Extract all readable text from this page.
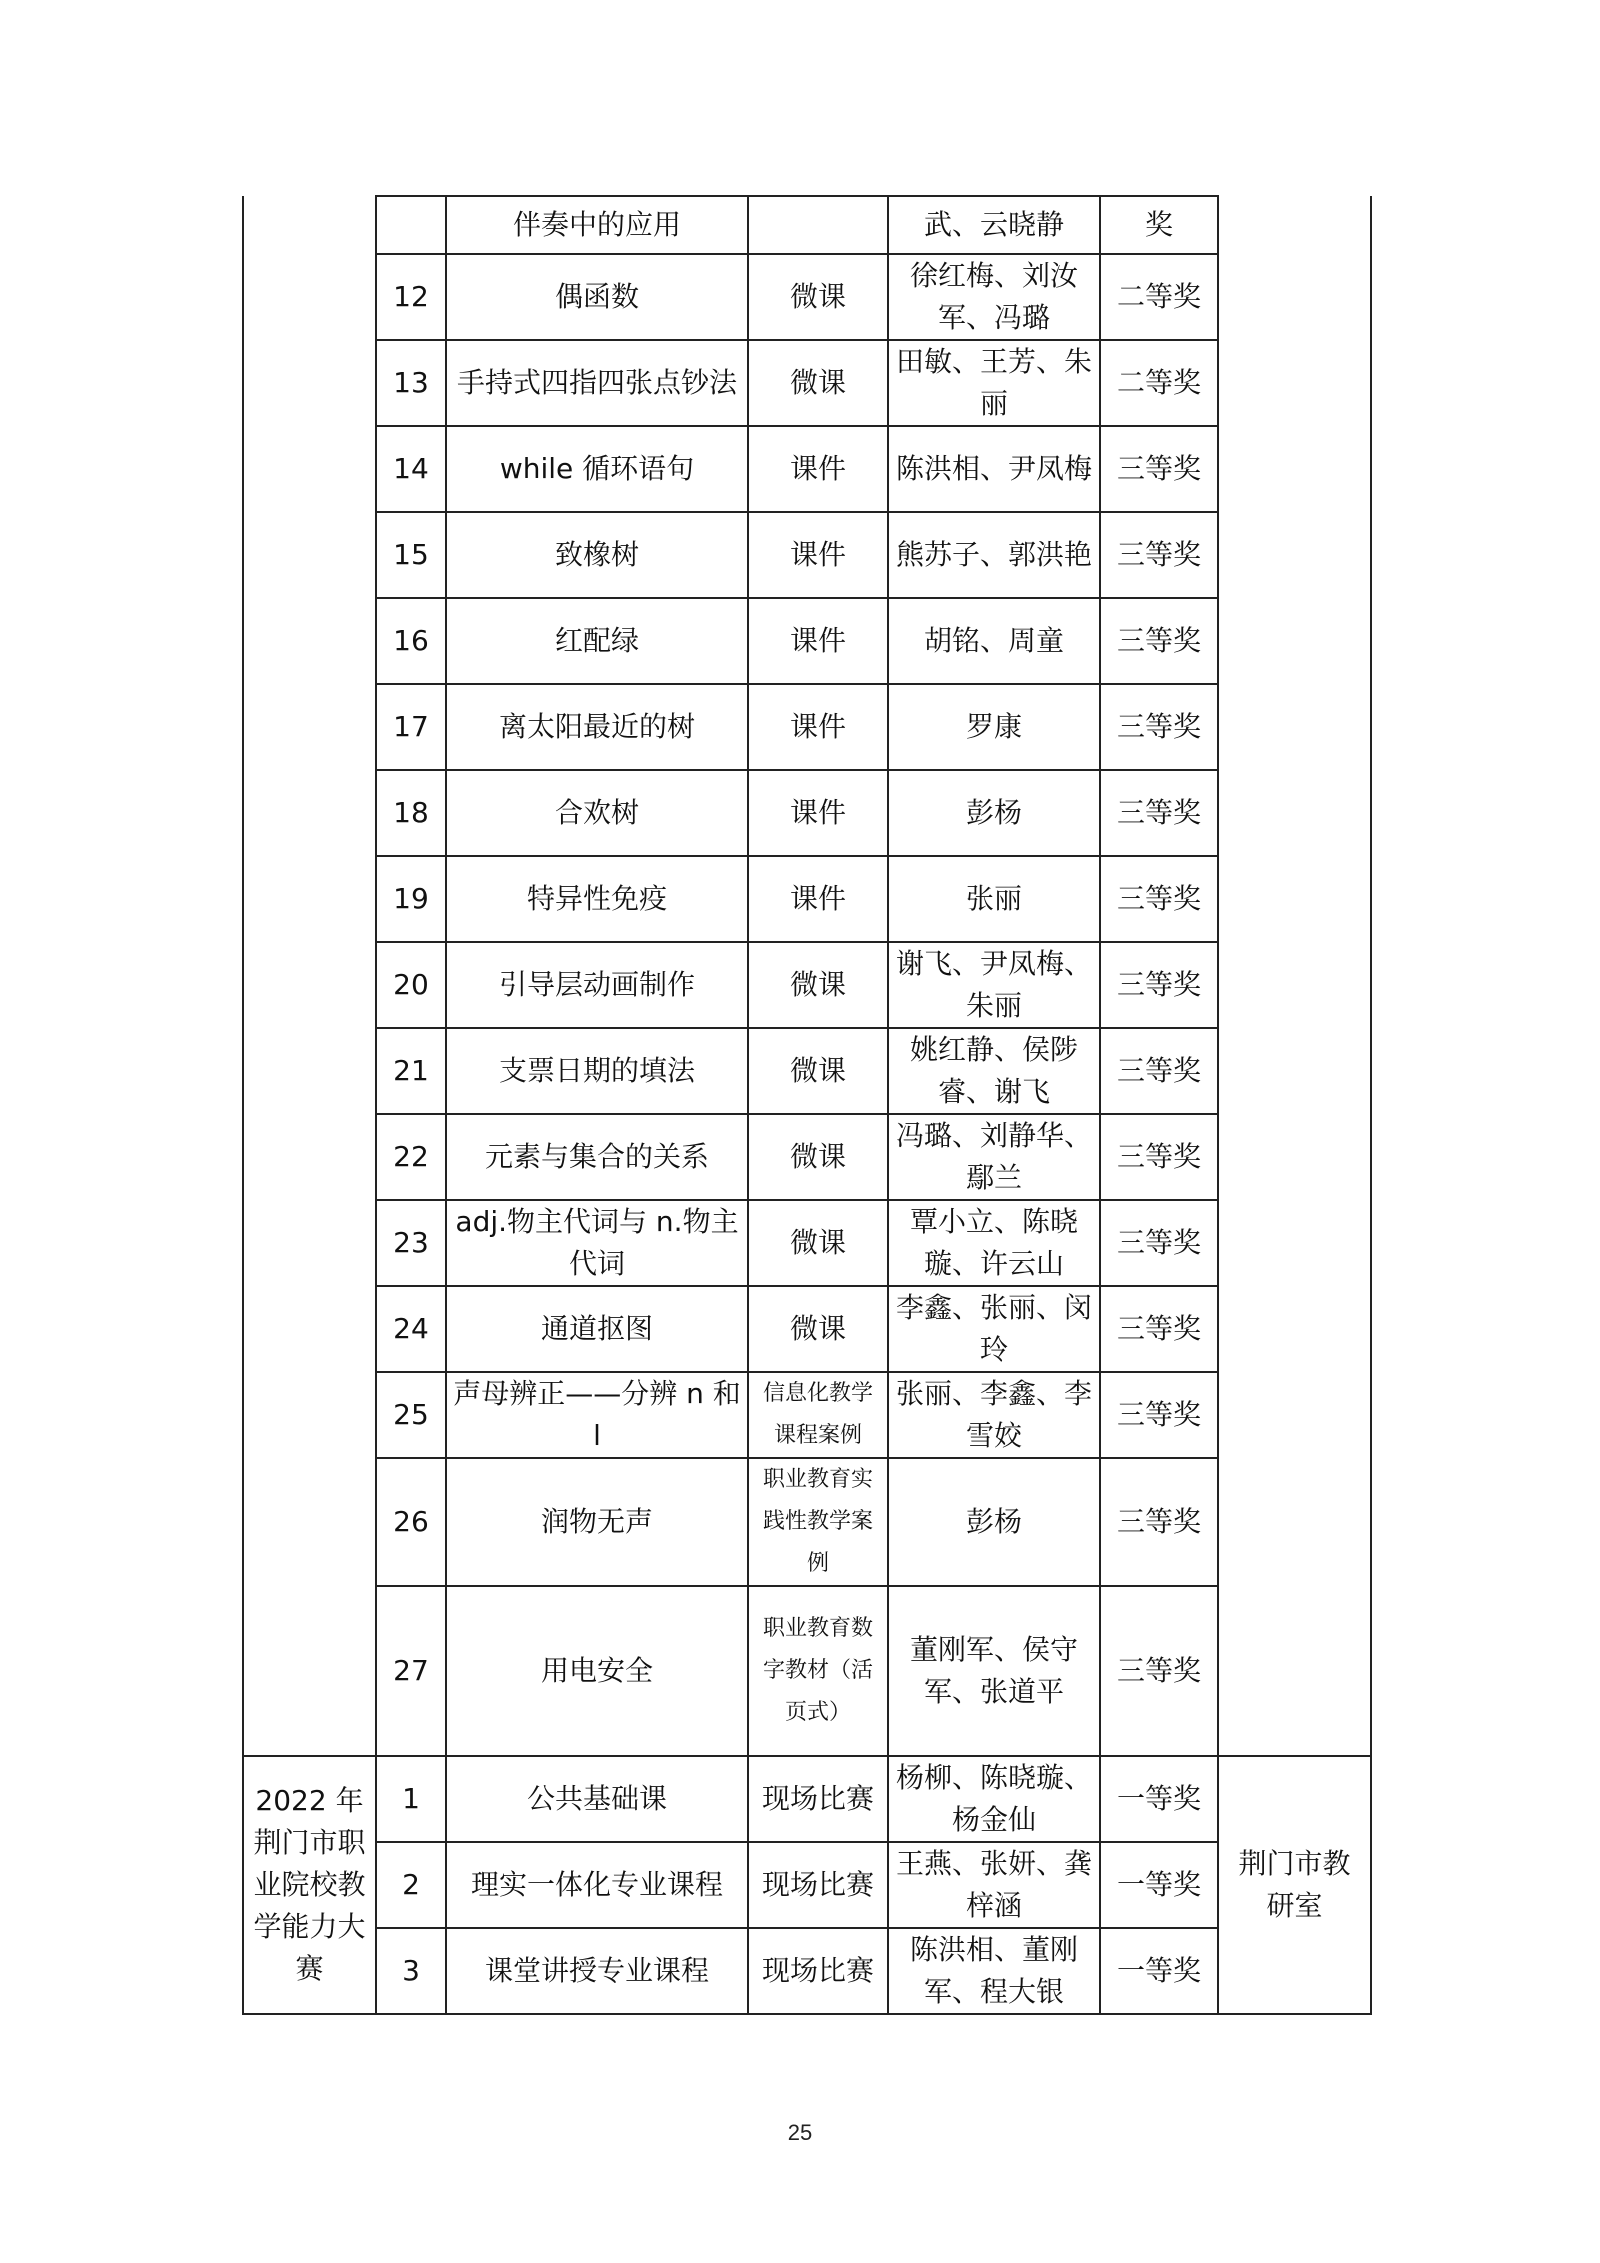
		伴奏中的应用		武、云晓静	奖	
	12	偶函数	微课	徐红梅、刘汝军、冯璐	二等奖	
	13	手持式四指四张点钞法	微课	田敏、王芳、朱丽	二等奖	
	14	while 循环语句	课件	陈洪相、尹凤梅	三等奖	
	15	致橡树	课件	熊苏子、郭洪艳	三等奖	
	16	红配绿	课件	胡铭、周童	三等奖	
	17	离太阳最近的树	课件	罗康	三等奖	
	18	合欢树	课件	彭杨	三等奖	
	19	特异性免疫	课件	张丽	三等奖	
	20	引导层动画制作	微课	谢飞、尹凤梅、朱丽	三等奖	
	21	支票日期的填法	微课	姚红静、侯陟睿、谢飞	三等奖	
	22	元素与集合的关系	微课	冯璐、刘静华、鄢兰	三等奖	
	23	adj.物主代词与 n.物主代词	微课	覃小立、陈晓璇、许云山	三等奖	
	24	通道抠图	微课	李鑫、张丽、闵玲	三等奖	
	25	声母辨正——分辨 n 和 l	信息化教学课程案例	张丽、李鑫、李雪姣	三等奖	
	26	润物无声	职业教育实践性教学案例	彭杨	三等奖	
	27	用电安全	职业教育数字教材（活页式）	董刚军、侯守军、张道平	三等奖	
2022 年荆门市职业院校教学能力大赛	1	公共基础课	现场比赛	杨柳、陈晓璇、杨金仙	一等奖	荆门市教研室
	2	理实一体化专业课程	现场比赛	王燕、张妍、龚梓涵	一等奖	
	3	课堂讲授专业课程	现场比赛	陈洪相、董刚军、程大银	一等奖	
25
